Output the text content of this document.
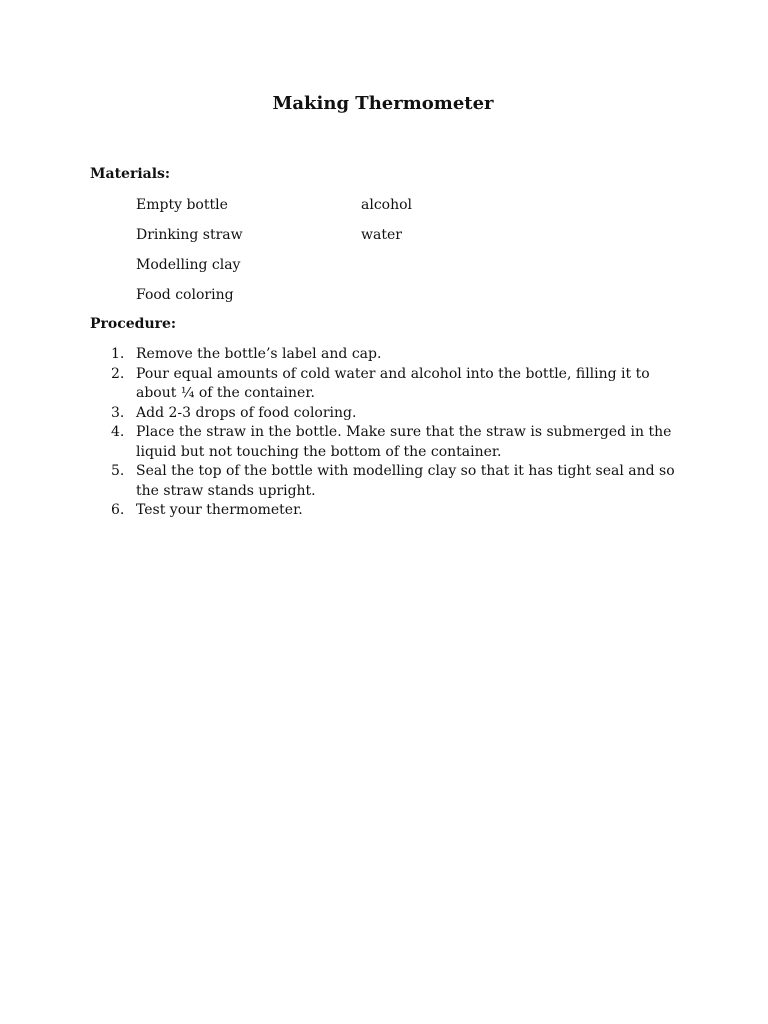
Making Thermometer
Materials:
Empty bottle
Drinking straw
Modelling clay
Food coloring
alcohol
water
Procedure:
1. Remove the bottle’s label and cap.
2. Pour equal amounts of cold water and alcohol into the bottle, filling it to about ¼ of the container.
3. Add 2-3 drops of food coloring.
4. Place the straw in the bottle. Make sure that the straw is submerged in the liquid but not touching the bottom of the container.
5. Seal the top of the bottle with modelling clay so that it has tight seal and so the straw stands upright.
6. Test your thermometer.
